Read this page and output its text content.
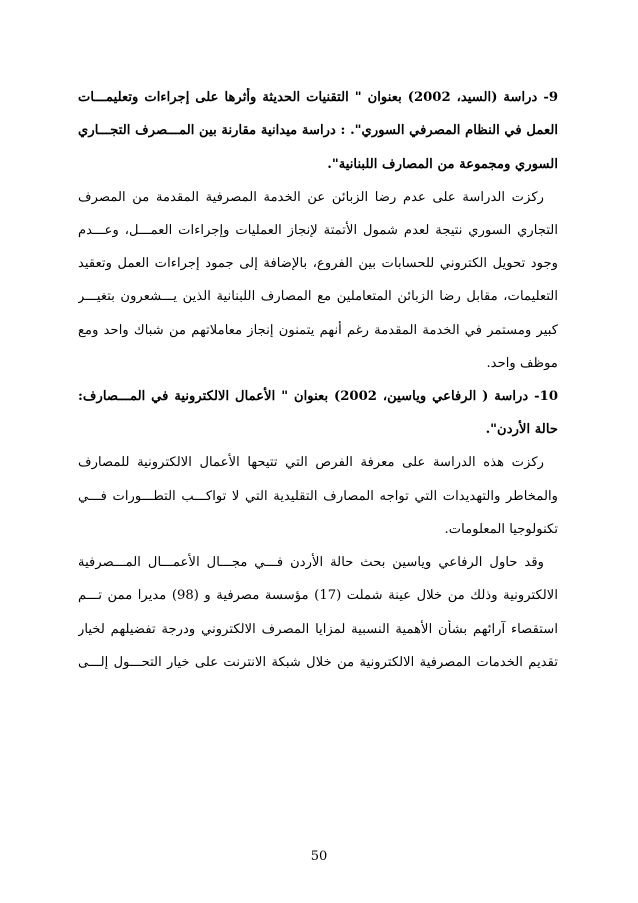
9- دراسة (السيد، 2002) بعنوان " التقنيات الحديثة وأثرها على إجراءات وتعليمـــات
العمل في النظام المصرفي السوري". : دراسة ميدانية مقارنة بين المـــصرف التجـــاري
السوري ومجموعة من المصارف اللبنانية".
ركزت الدراسة على عدم رضا الزبائن عن الخدمة المصرفية المقدمة من المصرف
التجاري السوري نتيجة لعدم شمول الأتمتة لإنجاز العمليات وإجراءات العمـــل، وعـــدم
وجود تحويل الكتروني للحسابات بين الفروع، بالإضافة إلى جمود إجراءات العمل وتعقيد
التعليمات، مقابل رضا الزبائن المتعاملين مع المصارف اللبنانية الذين يـــشعرون بتغيـــر
كبير ومستمر في الخدمة المقدمة رغم أنهم يتمنون إنجاز معاملاتهم من شباك واحد ومع
موظف واحد.
10- دراسة ( الرفاعي وياسين، 2002) بعنوان " الأعمال الالكترونية في المـــصارف:
حالة الأردن".
ركزت هذه الدراسة على معرفة الفرص التي تتيحها الأعمال الالكترونية للمصارف
والمخاطر والتهديدات التي تواجه المصارف التقليدية التي لا تواكـــب التطـــورات فـــي
تكنولوجيا المعلومات.
وقد حاول الرفاعي وياسين بحث حالة الأردن فـــي مجـــال الأعمـــال المـــصرفية
الالكترونية وذلك من خلال عينة شملت (17) مؤسسة مصرفية و (98) مديرا ممن تـــم
استقصاء آرائهم بشأن الأهمية النسبية لمزايا المصرف الالكتروني ودرجة تفضيلهم لخيار
تقديم الخدمات المصرفية الالكترونية من خلال شبكة الانترنت على خيار التحـــول إلـــى
50
